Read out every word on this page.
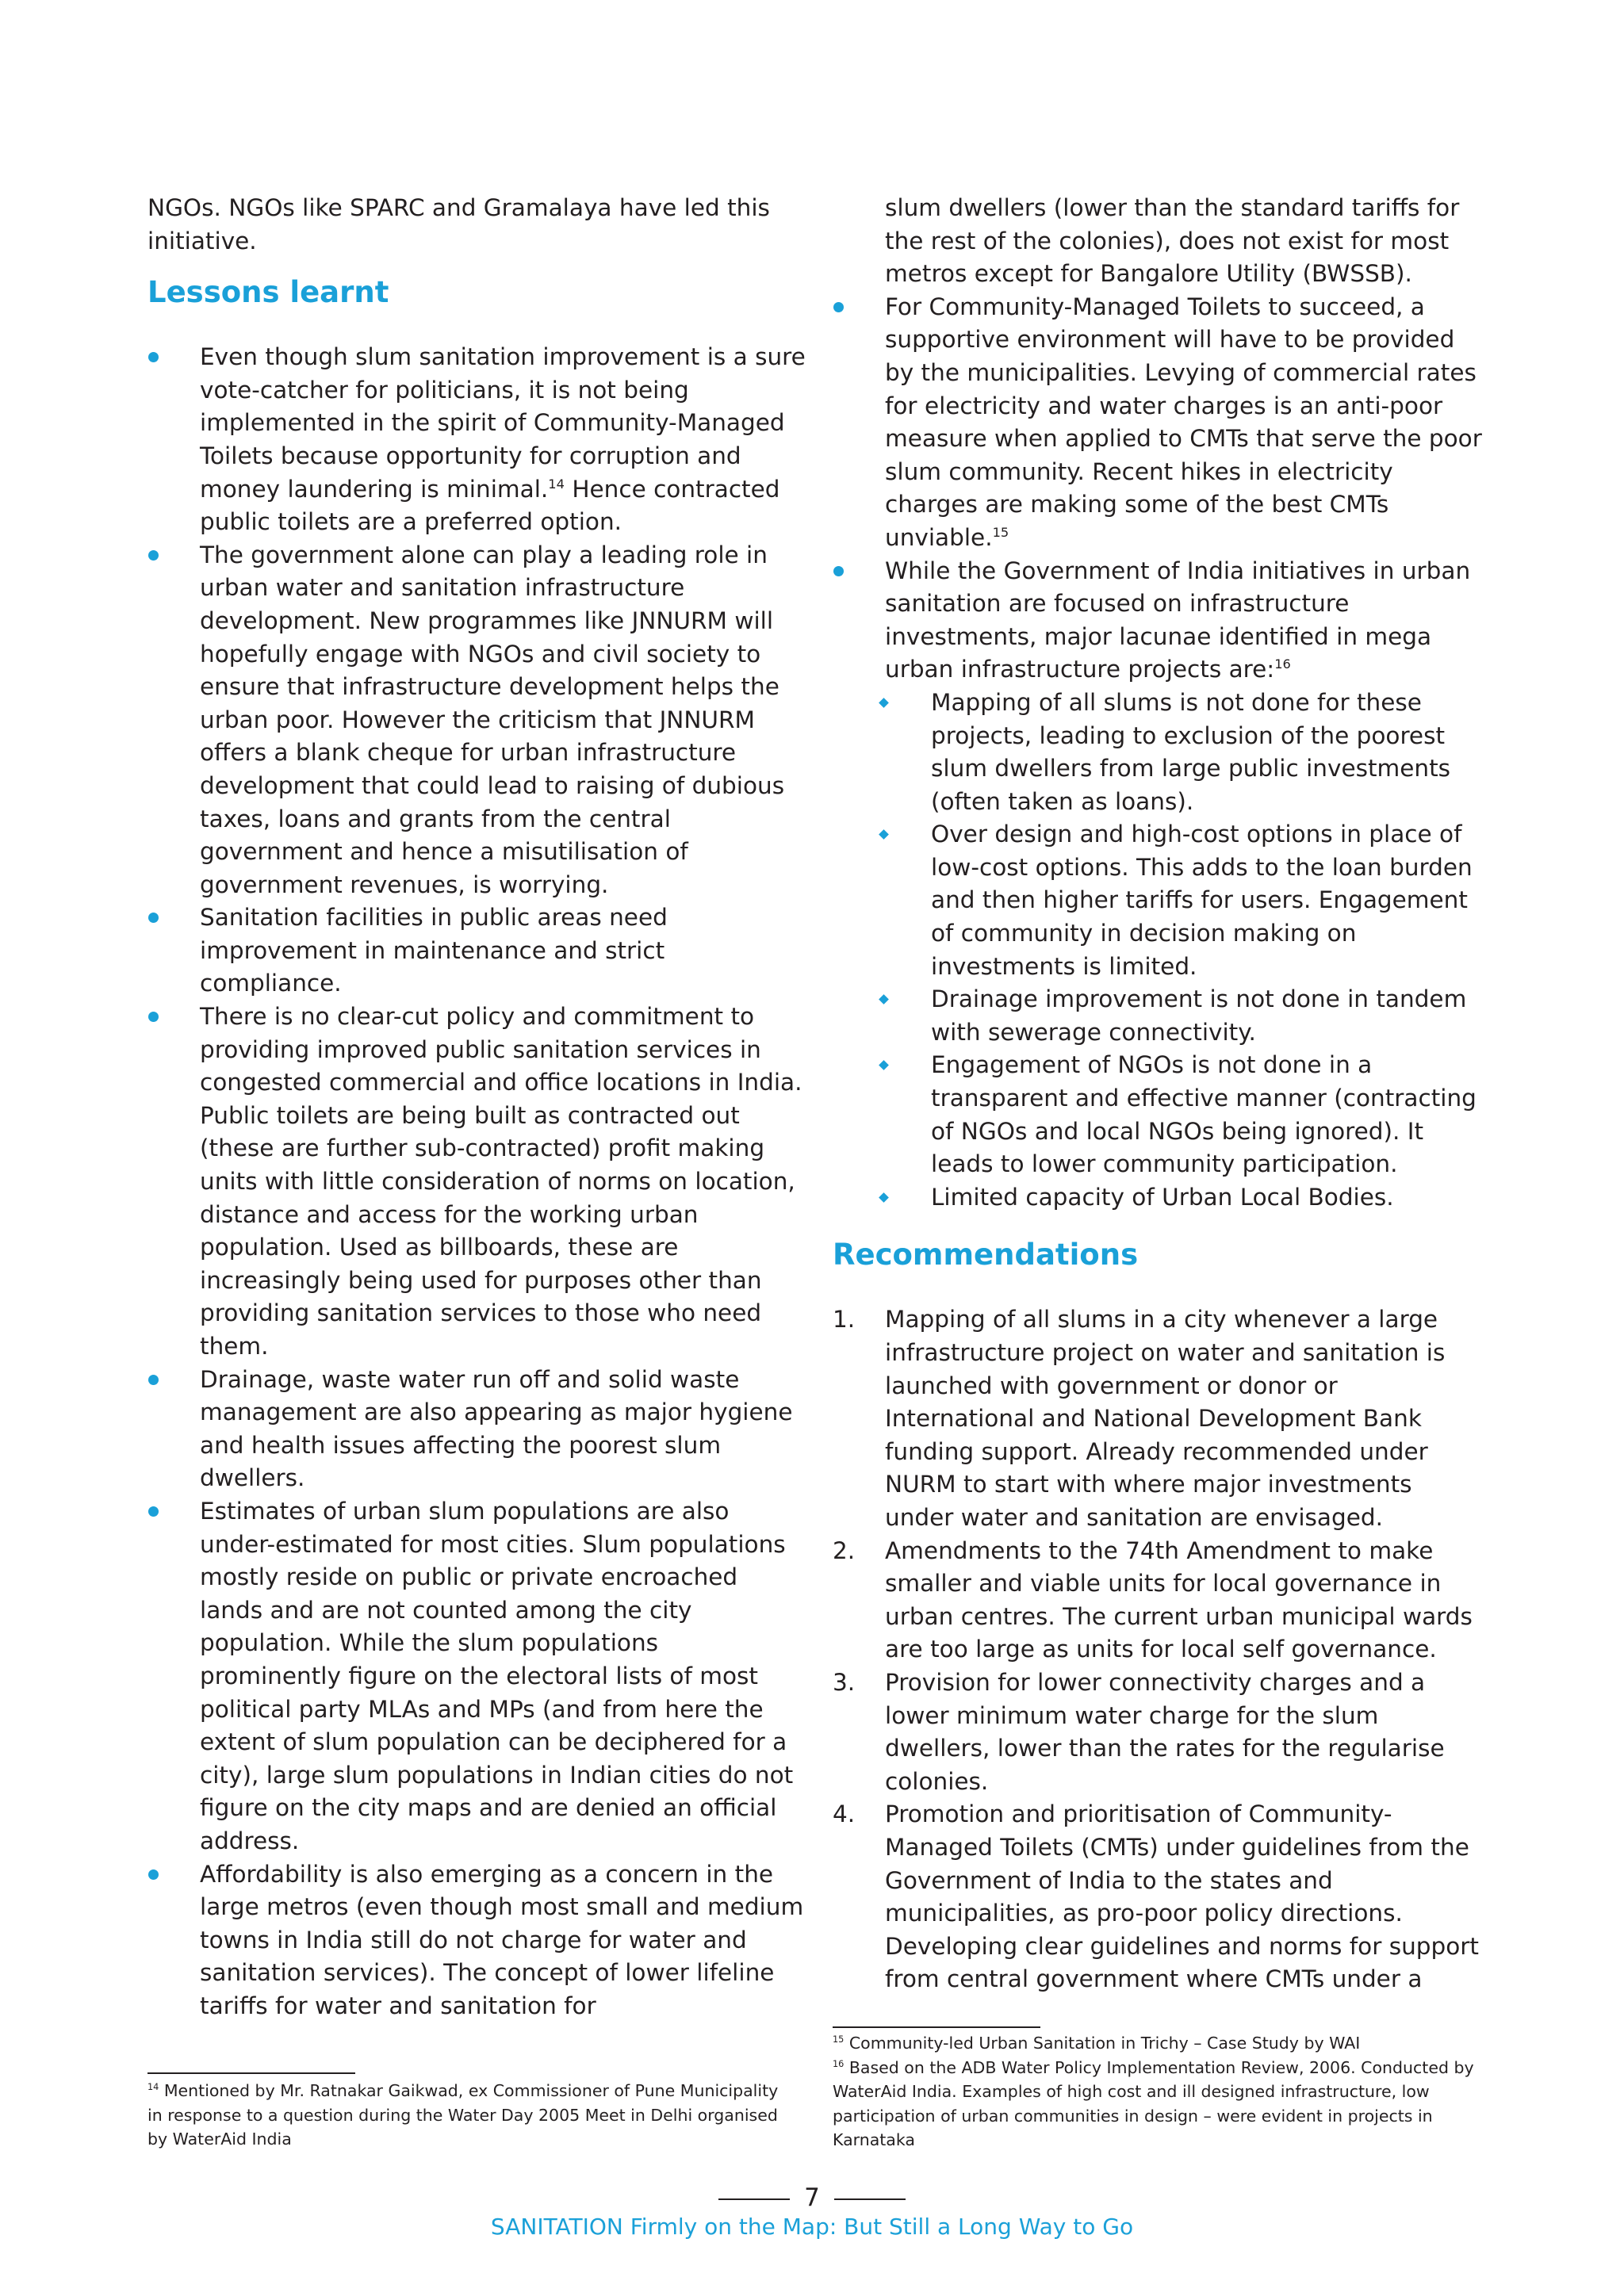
NGOs. NGOs like SPARC and Gramalaya have led this initiative.

Lessons learnt
Even though slum sanitation improvement is a sure vote-catcher for politicians, it is not being implemented in the spirit of Community-Managed Toilets because opportunity for corruption and money laundering is minimal.$^{14}$ Hence contracted public toilets are a preferred option.
The government alone can play a leading role in urban water and sanitation infrastructure development. New programmes like JNNURM will hopefully engage with NGOs and civil society to ensure that infrastructure development helps the urban poor. However the criticism that JNNURM offers a blank cheque for urban infrastructure development that could lead to raising of dubious taxes, loans and grants from the central government and hence a misutilisation of government revenues, is worrying.
Sanitation facilities in public areas need improvement in maintenance and strict compliance.
There is no clear-cut policy and commitment to providing improved public sanitation services in congested commercial and office locations in India. Public toilets are being built as contracted out (these are further sub-contracted) profit making units with little consideration of norms on location, distance and access for the working urban population. Used as billboards, these are increasingly being used for purposes other than providing sanitation services to those who need them.
Drainage, waste water run off and solid waste management are also appearing as major hygiene and health issues affecting the poorest slum dwellers.
Estimates of urban slum populations are also under-estimated for most cities. Slum populations mostly reside on public or private encroached lands and are not counted among the city population. While the slum populations prominently figure on the electoral lists of most political party MLAs and MPs (and from here the extent of slum population can be deciphered for a city), large slum populations in Indian cities do not figure on the city maps and are denied an official address.
Affordability is also emerging as a concern in the large metros (even though most small and medium towns in India still do not charge for water and sanitation services). The concept of lower lifeline tariffs for water and sanitation for

slum dwellers (lower than the standard tariffs for the rest of the colonies), does not exist for most metros except for Bangalore Utility (BWSSB).

For Community-Managed Toilets to succeed, a supportive environment will have to be provided by the municipalities. Levying of commercial rates for electricity and water charges is an anti-poor measure when applied to CMTs that serve the poor slum community. Recent hikes in electricity charges are making some of the best CMTs unviable.$^{15}$
While the Government of India initiatives in urban sanitation are focused on infrastructure investments, major lacunae identified in mega urban infrastructure projects are:$^{16}$
Mapping of all slums is not done for these projects, leading to exclusion of the poorest slum dwellers from large public investments (often taken as loans).
Over design and high-cost options in place of low-cost options. This adds to the loan burden and then higher tariffs for users. Engagement of community in decision making on investments is limited.
Drainage improvement is not done in tandem with sewerage connectivity.
Engagement of NGOs is not done in a transparent and effective manner (contracting of NGOs and local NGOs being ignored). It leads to lower community participation.
Limited capacity of Urban Local Bodies.
Recommendations
1. Mapping of all slums in a city whenever a large infrastructure project on water and sanitation is launched with government or donor or International and National Development Bank funding support. Already recommended under NURM to start with where major investments under water and sanitation are envisaged.
2. Amendments to the 74th Amendment to make smaller and viable units for local governance in urban centres. The current urban municipal wards are too large as units for local self governance.
3. Provision for lower connectivity charges and a lower minimum water charge for the slum dwellers, lower than the rates for the regularise colonies.
4. Promotion and prioritisation of Community-Managed Toilets (CMTs) under guidelines from the Government of India to the states and municipalities, as pro-poor policy directions. Developing clear guidelines and norms for support from central government where CMTs under a

$^{14}$ Mentioned by Mr. Ratnakar Gaikwad, ex Commissioner of Pune Municipality in response to a question during the Water Day 2005 Meet in Delhi organised by WaterAid India

$^{15}$ Community-led Urban Sanitation in Trichy – Case Study by WAI

$^{16}$ Based on the ADB Water Policy Implementation Review, 2006. Conducted by WaterAid India. Examples of high cost and ill designed infrastructure, low participation of urban communities in design – were evident in projects in Karnataka

7
SANITATION Firmly on the Map: But Still a Long Way to Go
